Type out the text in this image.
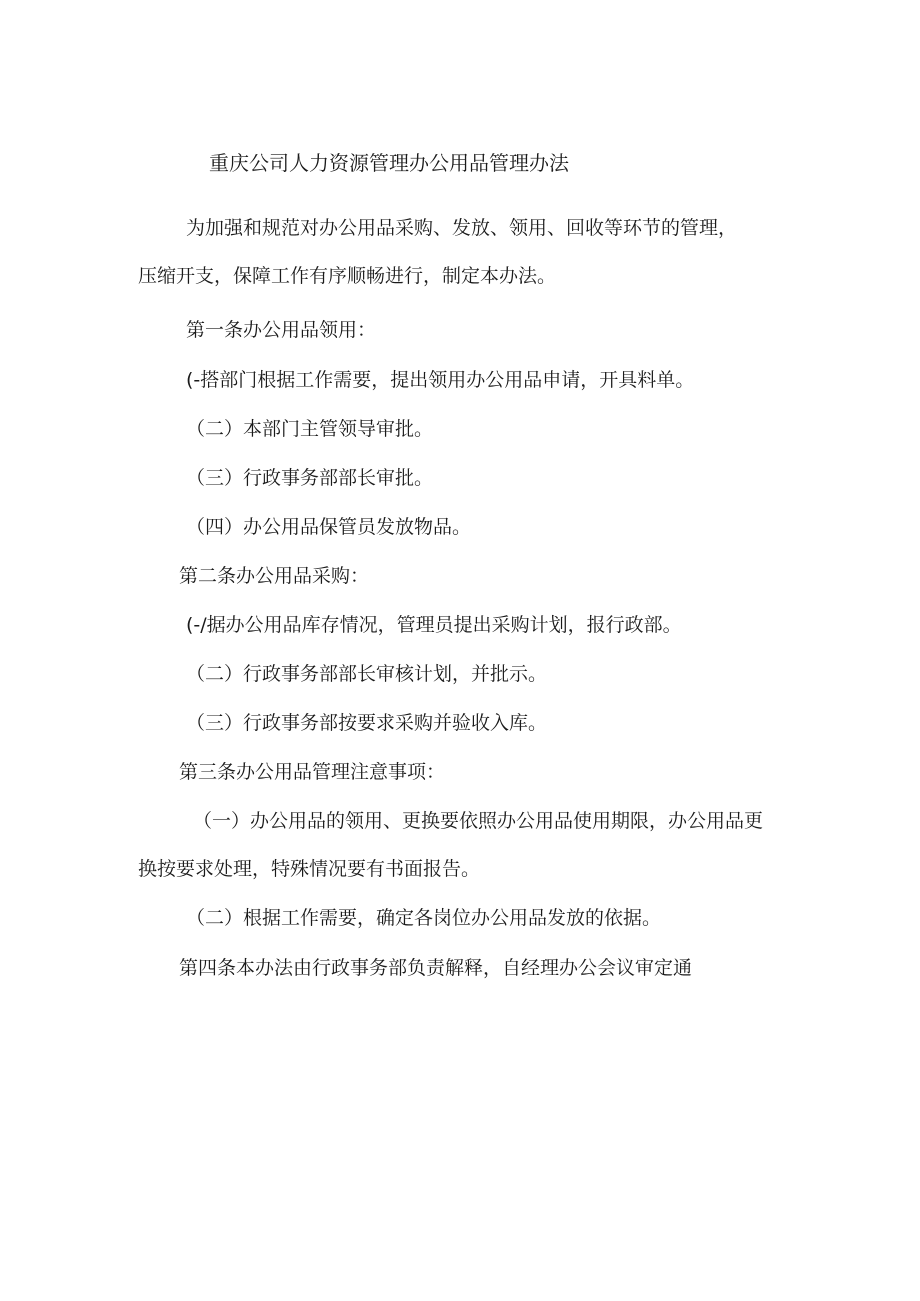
重庆公司人力资源管理办公用品管理办法
为加强和规范对办公用品采购、发放、领用、回收等环节的管理，
压缩开支，保障工作有序顺畅进行，制定本办法。
第一条办公用品领用：
(-搭部门根据工作需要，提出领用办公用品申请，开具料单。
（二）本部门主管领导审批。
（三）行政事务部部长审批。
（四）办公用品保管员发放物品。
第二条办公用品采购：
(-/据办公用品库存情况，管理员提出采购计划，报行政部。
（二）行政事务部部长审核计划，并批示。
（三）行政事务部按要求采购并验收入库。
第三条办公用品管理注意事项：
（一）办公用品的领用、更换要依照办公用品使用期限，办公用品更
换按要求处理，特殊情况要有书面报告。
（二）根据工作需要，确定各岗位办公用品发放的依据。
第四条本办法由行政事务部负责解释，自经理办公会议审定通
